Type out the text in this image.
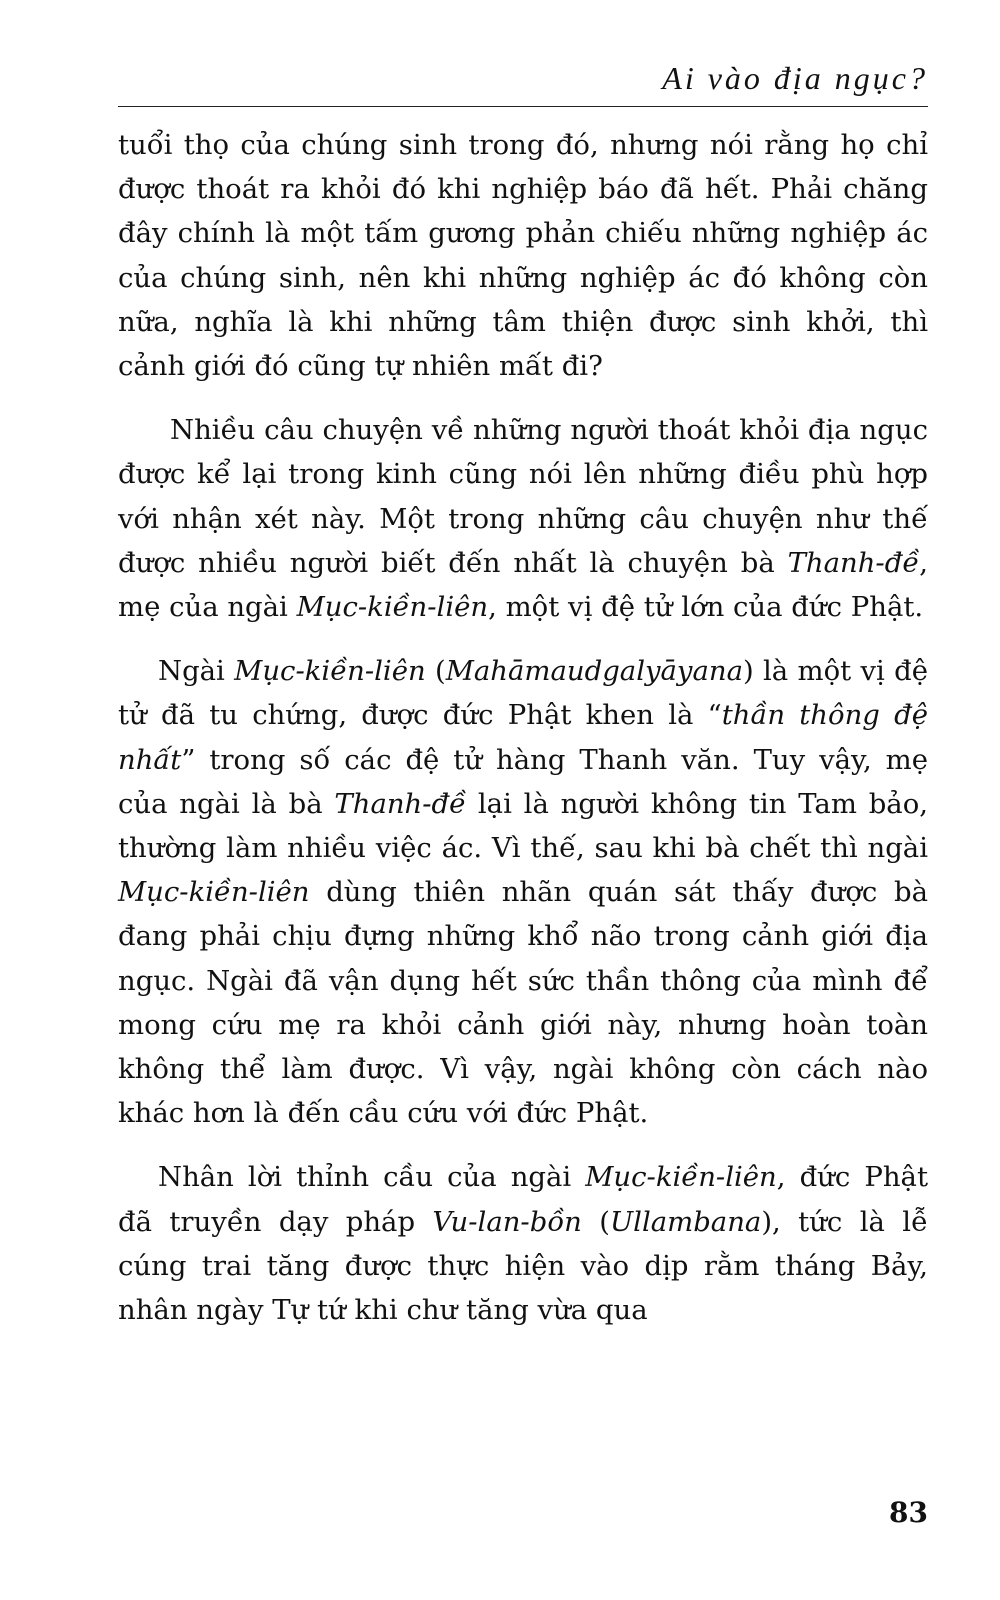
Ai vào địa ngục?

tuổi thọ của chúng sinh trong đó, nhưng nói rằng họ chỉ được thoát ra khỏi đó khi nghiệp báo đã hết. Phải chăng đây chính là một tấm gương phản chiếu những nghiệp ác của chúng sinh, nên khi những nghiệp ác đó không còn nữa, nghĩa là khi những tâm thiện được sinh khởi, thì cảnh giới đó cũng tự nhiên mất đi?

Nhiều câu chuyện về những người thoát khỏi địa ngục được kể lại trong kinh cũng nói lên những điều phù hợp với nhận xét này. Một trong những câu chuyện như thế được nhiều người biết đến nhất là chuyện bà Thanh-đề, mẹ của ngài Mục-kiền-liên, một vị đệ tử lớn của đức Phật.

Ngài Mục-kiền-liên (Mahāmaudgalyāyana) là một vị đệ tử đã tu chứng, được đức Phật khen là “thần thông đệ nhất” trong số các đệ tử hàng Thanh văn. Tuy vậy, mẹ của ngài là bà Thanh-đề lại là người không tin Tam bảo, thường làm nhiều việc ác. Vì thế, sau khi bà chết thì ngài Mục-kiền-liên dùng thiên nhãn quán sát thấy được bà đang phải chịu đựng những khổ não trong cảnh giới địa ngục. Ngài đã vận dụng hết sức thần thông của mình để mong cứu mẹ ra khỏi cảnh giới này, nhưng hoàn toàn không thể làm được. Vì vậy, ngài không còn cách nào khác hơn là đến cầu cứu với đức Phật.

Nhân lời thỉnh cầu của ngài Mục-kiền-liên, đức Phật đã truyền dạy pháp Vu-lan-bồn (Ullambana), tức là lễ cúng trai tăng được thực hiện vào dịp rằm tháng Bảy, nhân ngày Tự tứ khi chư tăng vừa qua

83
